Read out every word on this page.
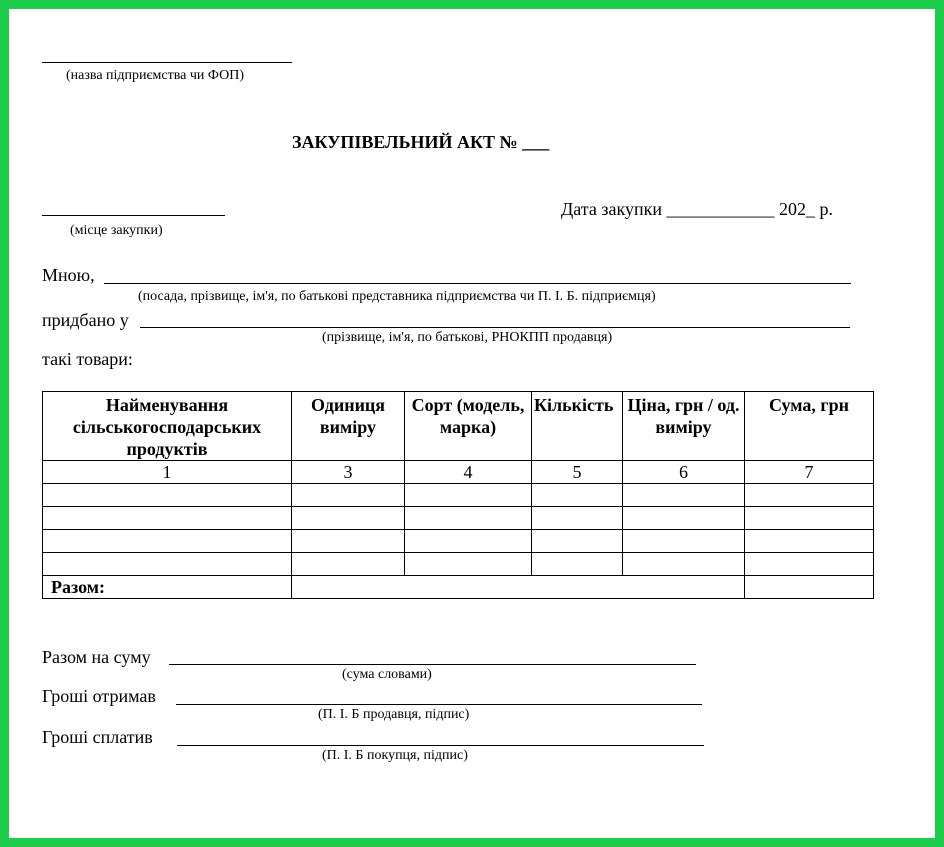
(назва підприємства чи ФОП)
ЗАКУПІВЕЛЬНИЙ АКТ № ___
(місце закупки)
Дата закупки ____________ 202_ р.
Мною,
(посада, прізвище, ім'я, по батькові представника підприємства чи П. І. Б. підприємця)
придбано у
(прізвище, ім'я, по батькові, РНОКПП продавця)
такі товари:
Найменування сільськогосподарських продуктів	Одиниця виміру	Сорт (модель, марка)	Кількість	Ціна, грн / од. виміру	Сума, грн
1	3	4	5	6	7

Разом:					
Разом на суму
(сума словами)
Гроші отримав
(П. І. Б продавця, підпис)
Гроші сплатив
(П. І. Б покупця, підпис)
